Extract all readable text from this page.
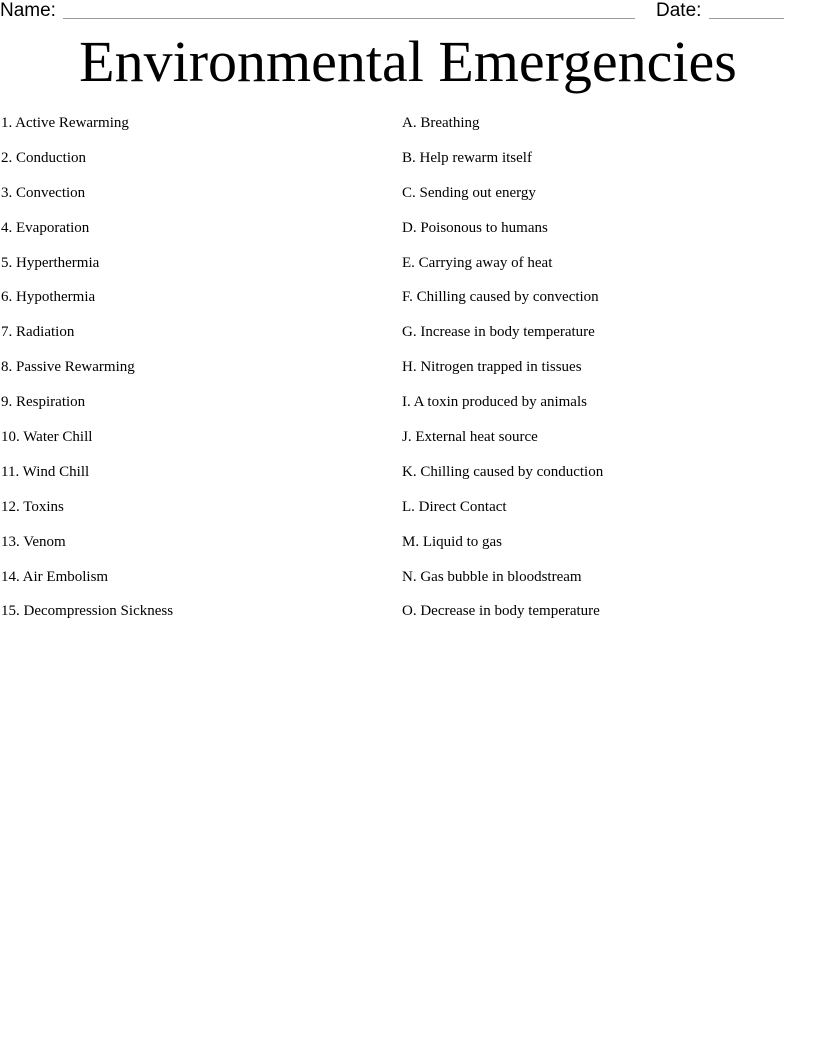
Name:	Date:
Environmental Emergencies
1. Active Rewarming
2. Conduction
3. Convection
4. Evaporation
5. Hyperthermia
6. Hypothermia
7. Radiation
8. Passive Rewarming
9. Respiration
10. Water Chill
11. Wind Chill
12. Toxins
13. Venom
14. Air Embolism
15. Decompression Sickness
A. Breathing
B. Help rewarm itself
C. Sending out energy
D. Poisonous to humans
E. Carrying away of heat
F. Chilling caused by convection
G. Increase in body temperature
H. Nitrogen trapped in tissues
I. A toxin produced by animals
J. External heat source
K. Chilling caused by conduction
L. Direct Contact
M. Liquid to gas
N. Gas bubble in bloodstream
O. Decrease in body temperature
